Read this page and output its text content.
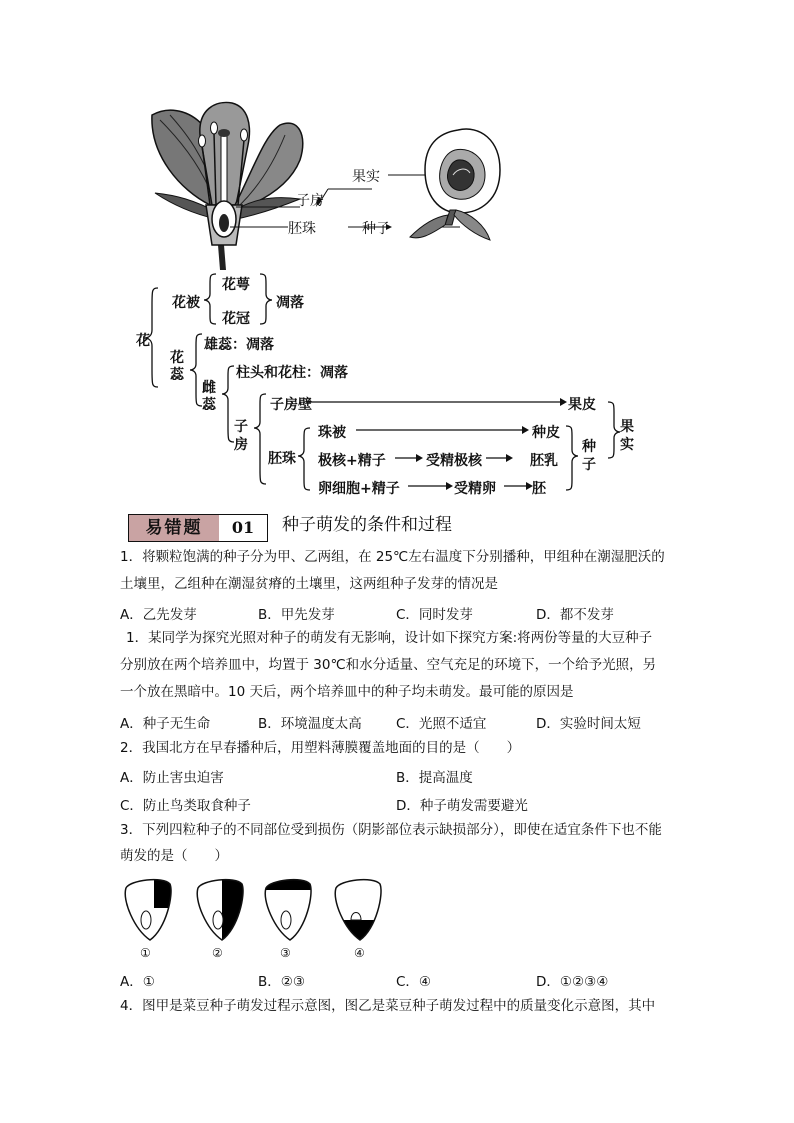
子房
胚珠
果实
种子
花
花被
花萼
花冠
凋落
花蕊
雄蕊：凋落
雌蕊
柱头和花柱：凋落
子房
子房壁	果皮
胚珠
珠被	种皮
极核+精子	受精极核	胚乳
卵细胞+精子	受精卵	胚
种子
果实
易错题	01	种子萌发的条件和过程
1．将颗粒饱满的种子分为甲、乙两组，在 25℃左右温度下分别播种，甲组种在潮湿肥沃的
土壤里，乙组种在潮湿贫瘠的土壤里，这两组种子发芽的情况是
A．乙先发芽	B．甲先发芽	C．同时发芽	D．都不发芽
1．某同学为探究光照对种子的萌发有无影响，设计如下探究方案:将两份等量的大豆种子
分别放在两个培养皿中，均置于 30℃和水分适量、空气充足的环境下，一个给予光照，另
一个放在黑暗中。10 天后，两个培养皿中的种子均未萌发。最可能的原因是
A．种子无生命	B．环境温度太高	C．光照不适宜	D．实验时间太短
2．我国北方在早春播种后，用塑料薄膜覆盖地面的目的是（　　）
A．防止害虫迫害	B．提高温度
C．防止鸟类取食种子	D．种子萌发需要避光
3．下列四粒种子的不同部位受到损伤（阴影部位表示缺损部分），即使在适宜条件下也不能
萌发的是（　　）
①	②	③	④
A．①	B．②③	C．④	D．①②③④
4．图甲是菜豆种子萌发过程示意图，图乙是菜豆种子萌发过程中的质量变化示意图，其中
